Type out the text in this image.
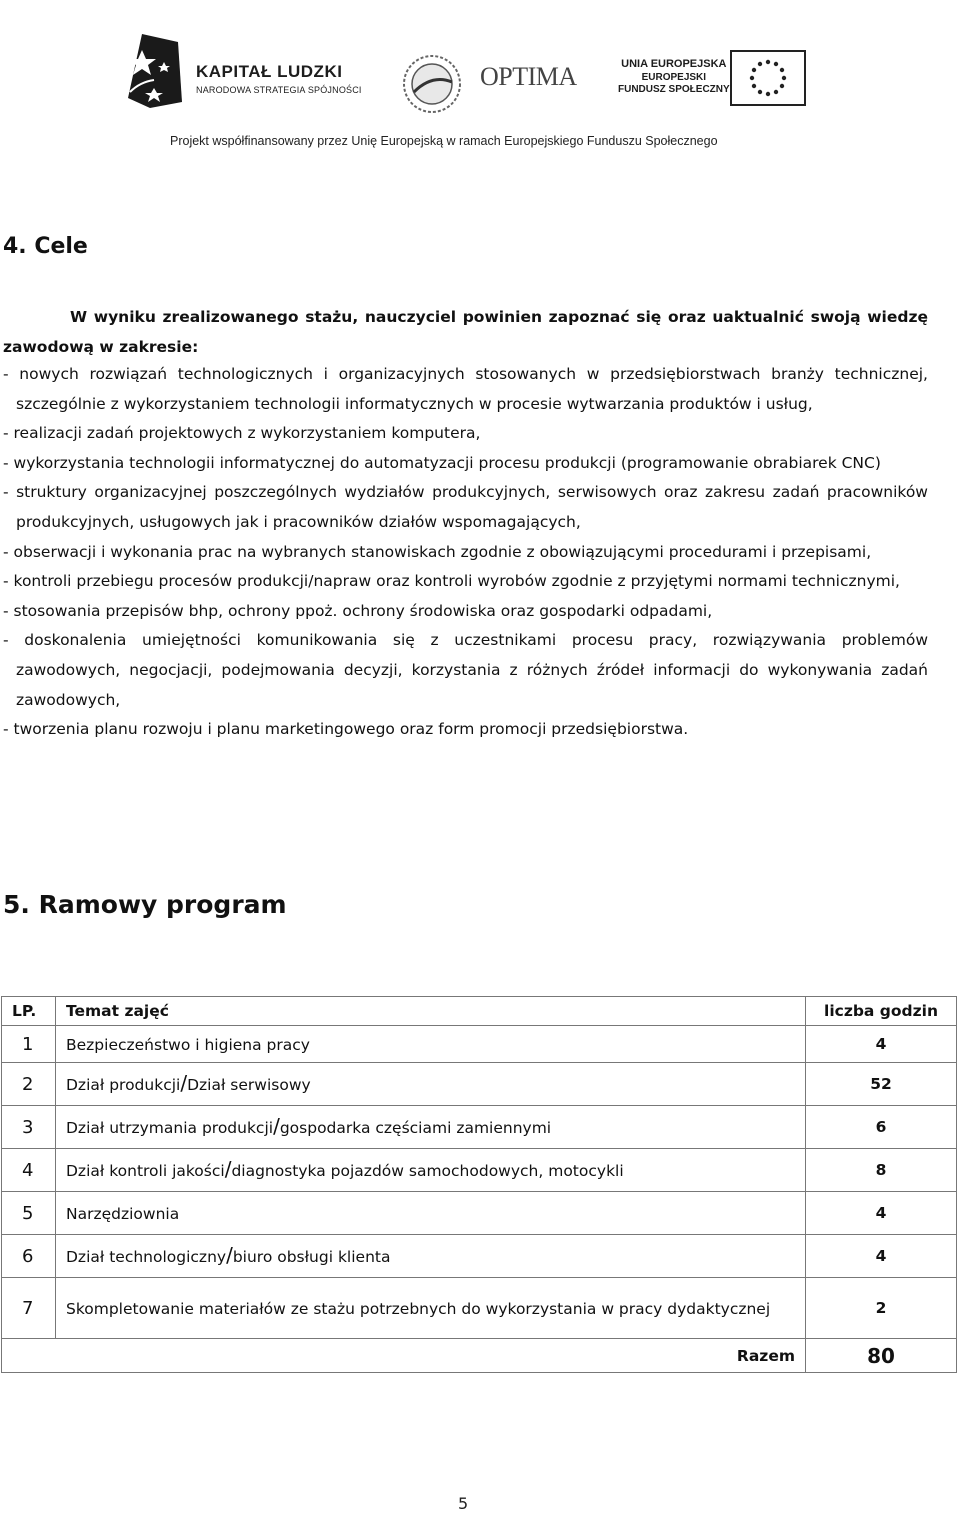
KAPITAŁ LUDZKI
NARODOWA STRATEGIA SPÓJNOŚCI	OPTIMA	UNIA EUROPEJSKA
EUROPEJSKI
FUNDUSZ SPOŁECZNY
Projekt współfinansowany przez Unię Europejską w ramach Europejskiego Funduszu Społecznego
4. Cele
W wyniku zrealizowanego stażu, nauczyciel powinien zapoznać się oraz uaktualnić swoją wiedzę zawodową w zakresie:
- nowych rozwiązań technologicznych i organizacyjnych stosowanych w przedsiębiorstwach branży technicznej, szczególnie z wykorzystaniem technologii informatycznych w procesie wytwarzania produktów i usług,
- realizacji zadań projektowych z wykorzystaniem komputera,
- wykorzystania technologii informatycznej do automatyzacji procesu produkcji (programowanie obrabiarek CNC)
- struktury organizacyjnej poszczególnych wydziałów produkcyjnych, serwisowych oraz zakresu zadań pracowników produkcyjnych, usługowych jak i pracowników działów wspomagających,
- obserwacji i wykonania prac na wybranych stanowiskach zgodnie z obowiązującymi procedurami i przepisami,
- kontroli przebiegu procesów produkcji/napraw oraz kontroli wyrobów zgodnie z przyjętymi normami technicznymi,
- stosowania przepisów bhp, ochrony ppoż. ochrony środowiska oraz gospodarki odpadami,
- doskonalenia umiejętności komunikowania się z uczestnikami procesu pracy, rozwiązywania problemów zawodowych, negocjacji, podejmowania decyzji, korzystania z różnych źródeł informacji do wykonywania zadań zawodowych,
- tworzenia planu rozwoju i planu marketingowego oraz form promocji przedsiębiorstwa.
5. Ramowy program
LP.	Temat zajęć	liczba godzin
1	Bezpieczeństwo i higiena pracy	4
2	Dział produkcji/Dział serwisowy	52
3	Dział utrzymania produkcji/gospodarka częściami zamiennymi	6
4	Dział kontroli jakości/diagnostyka pojazdów samochodowych, motocykli	8
5	Narzędziownia	4
6	Dział technologiczny/biuro obsługi klienta	4
7	Skompletowanie materiałów ze stażu potrzebnych do wykorzystania w pracy dydaktycznej	2
Razem		80
5
